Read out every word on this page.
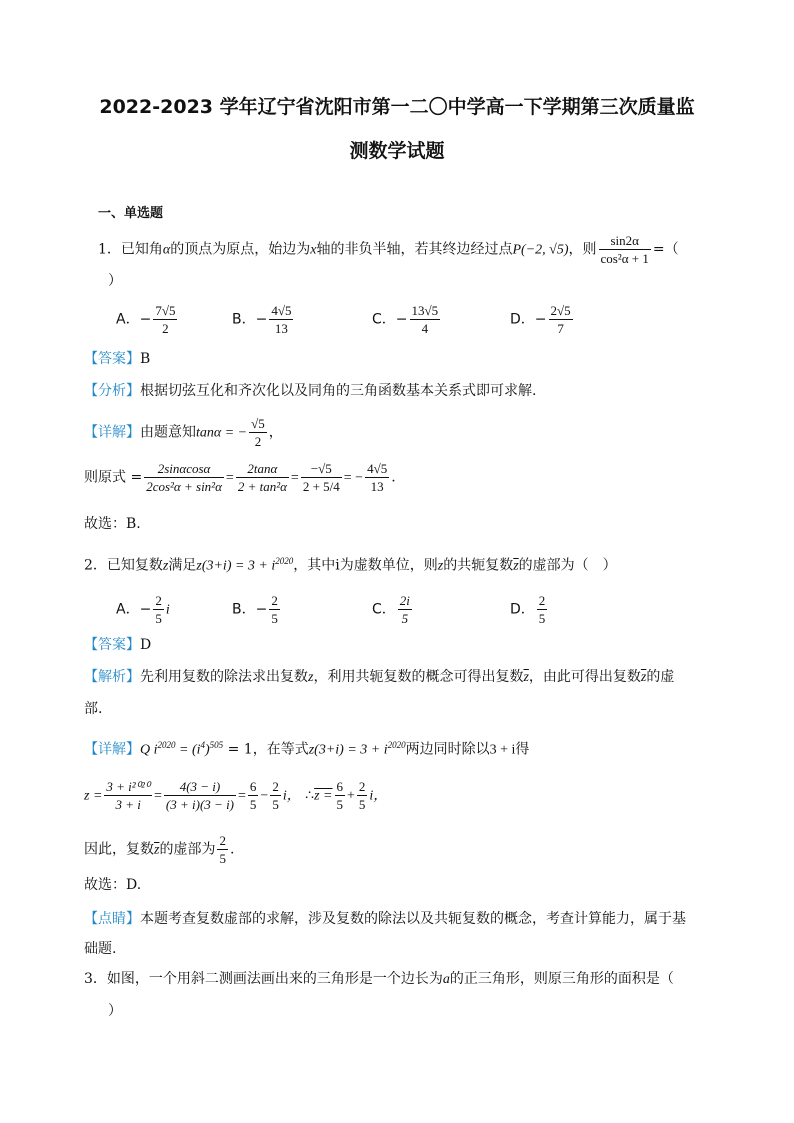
2022-2023 学年辽宁省沈阳市第一二〇中学高一下学期第三次质量监
测数学试题
一、单选题
1．已知角α的顶点为原点，始边为x轴的非负半轴，若其终边经过点P(−2, √5)，则 $\frac{\sin 2\alpha}{\text{cos²α + 1}}$ =（
）
A．− $\frac{7√5}{2}$	B．− $\frac{4√5}{13}$	C．− $\frac{13√5}{4}$	D．− $\frac{2√5}{7}$
【答案】B
【分析】根据切弦互化和齐次化以及同角的三角函数基本关系式即可求解.
【详解】由题意知tanα = − $\frac{√5}{2}$ ，
则原式 = $\frac{2\sin\alpha\cos\alpha}{\text{2cos²α + sin²α}} = \frac{2\tan\alpha}{\text{2 + tan²α}} = \frac{-√5}{2 + 5/4}$ = − $\frac{4√5}{13}$ .
故选：B.
2．已知复数z满足$z(3+i) = 3 + i^{2020}$，其中i为虚数单位，则z的共轭复数$\overline{z}$的虚部为（　）
A．− $\frac{2}{5}$ i	B．− $\frac{2}{5}$	C． $\frac{2i}{5}$	D． $\frac{2}{5}$
【答案】D
【解析】先利用复数的除法求出复数z，利用共轭复数的概念可得出复数$\overline{z}$，由此可得出复数$\overline{z}$的虚
部.
【详解】Q $i^{2020} = (i^4)^{505} = 1$，在等式$z(3+i) = 3 + i^{2020}$两边同时除以3 + i得
$z = \frac{\text{3 + i²⁰²⁰}}{3 + i} = \frac{4(3 - i)}{(3 + i)(3 - i)} = \frac{6}{5} - \frac{2}{5}$ i， ∴z = $\frac{6}{5} + \frac{2}{5}$ i，
因此，复数$\overline{z}$的虚部为 $\frac{2}{5}$ .
故选：D.
【点睛】本题考查复数虚部的求解，涉及复数的除法以及共轭复数的概念，考查计算能力，属于基
础题.
3．如图，一个用斜二测画法画出来的三角形是一个边长为a的正三角形，则原三角形的面积是（
）
